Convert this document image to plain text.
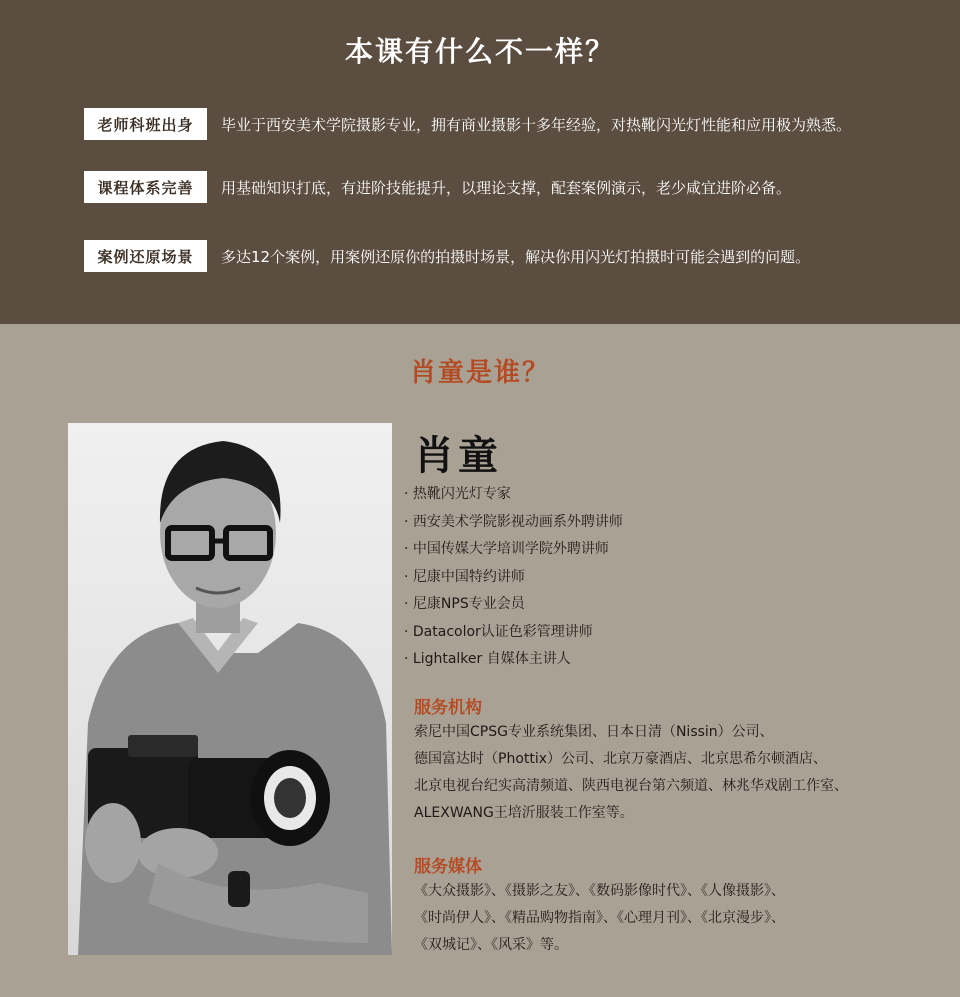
本课有什么不一样？
老师科班出身	毕业于西安美术学院摄影专业，拥有商业摄影十多年经验，对热靴闪光灯性能和应用极为熟悉。
课程体系完善	用基础知识打底，有进阶技能提升，以理论支撑，配套案例演示，老少咸宜进阶必备。
案例还原场景	多达12个案例，用案例还原你的拍摄时场景，解决你用闪光灯拍摄时可能会遇到的问题。
肖童是谁？
肖童
· 热靴闪光灯专家
· 西安美术学院影视动画系外聘讲师
· 中国传媒大学培训学院外聘讲师
· 尼康中国特约讲师
· 尼康NPS专业会员
· Datacolor认证色彩管理讲师
· Lightalker 自媒体主讲人
服务机构
索尼中国CPSG专业系统集团、日本日清（Nissin）公司、
德国富达时（Phottix）公司、北京万豪酒店、北京思希尔顿酒店、
北京电视台纪实高清频道、陕西电视台第六频道、林兆华戏剧工作室、
ALEXWANG王培沂服装工作室等。
服务媒体
《大众摄影》、《摄影之友》、《数码影像时代》、《人像摄影》、
《时尚伊人》、《精品购物指南》、《心理月刊》、《北京漫步》、
《双城记》、《风采》等。
